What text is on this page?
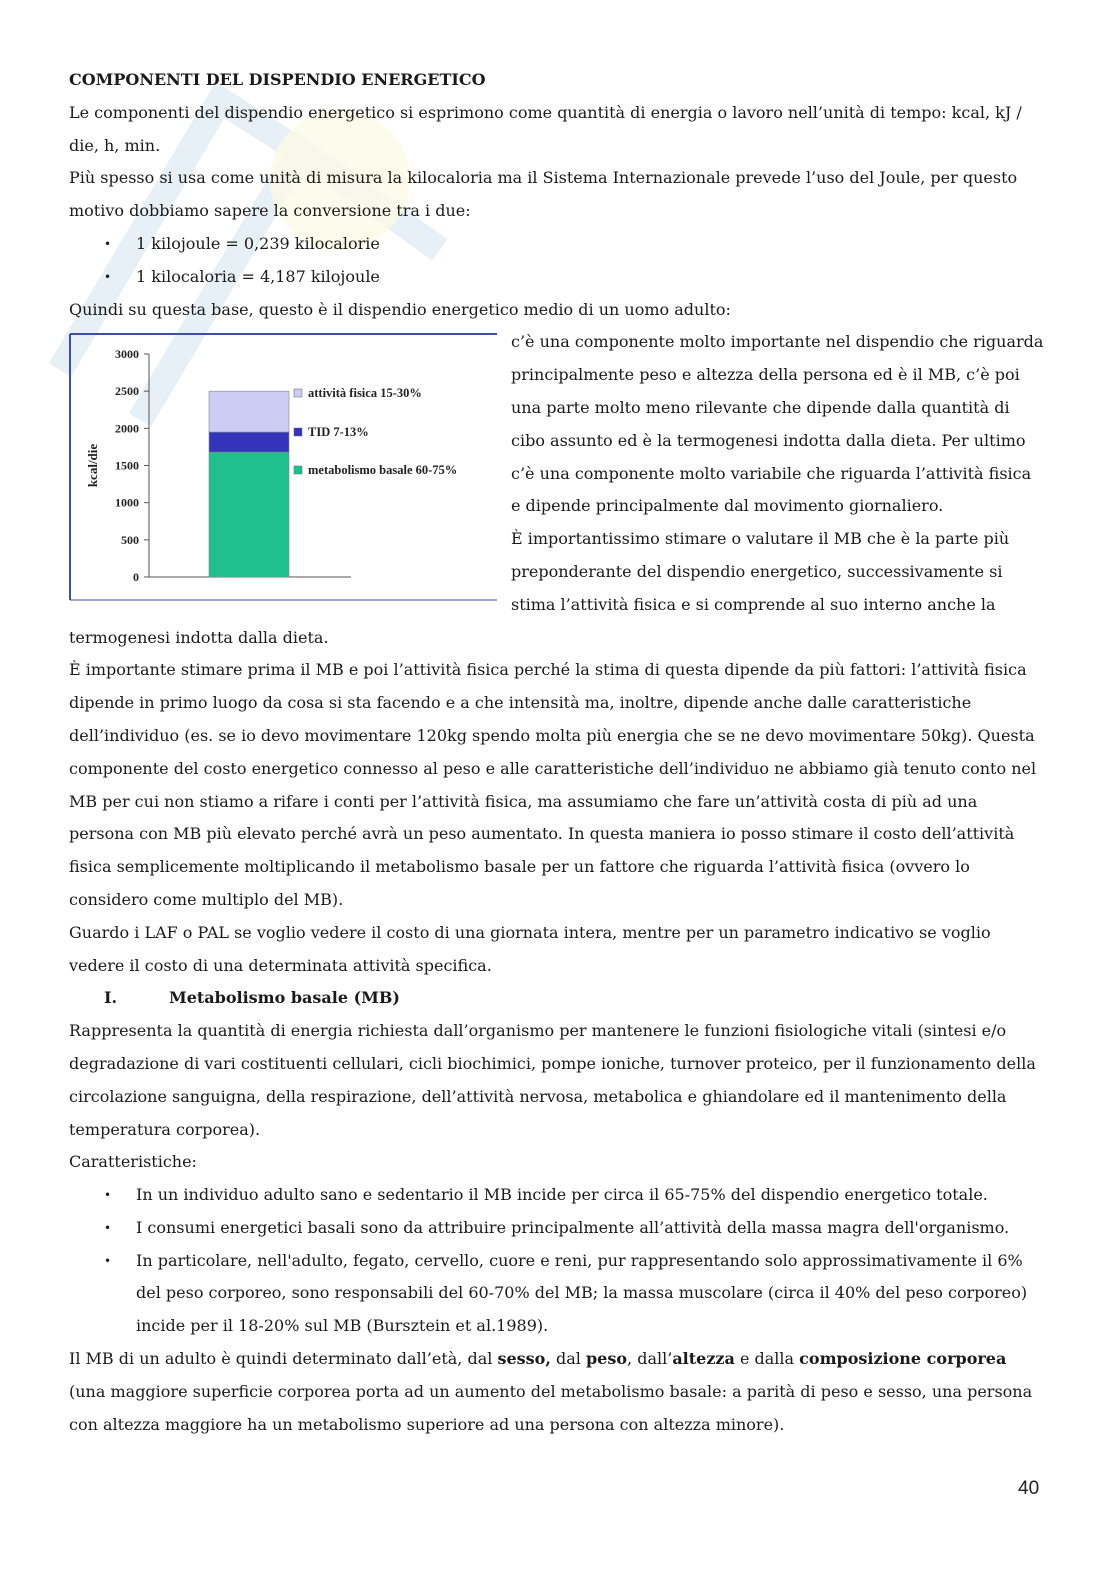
COMPONENTI DEL DISPENDIO ENERGETICO

Le componenti del dispendio energetico si esprimono come quantità di energia o lavoro nell’unità di tempo: kcal, kJ / die, h, min.

Più spesso si usa come unità di misura la kilocaloria ma il Sistema Internazionale prevede l’uso del Joule, per questo motivo dobbiamo sapere la conversione tra i due:

• 1 kilojoule = 0,239 kilocalorie
• 1 kilocaloria = 4,187 kilojoule

Quindi su questa base, questo è il dispendio energetico medio di un uomo adulto:

0
500
1000
1500
2000
2500
3000
kcal/die
attività fisica 15-30%
TID 7-13%
metabolismo basale 60-75%

c’è una componente molto importante nel dispendio che riguarda principalmente peso e altezza della persona ed è il MB, c’è poi una parte molto meno rilevante che dipende dalla quantità di cibo assunto ed è la termogenesi indotta dalla dieta. Per ultimo c’è una componente molto variabile che riguarda l’attività fisica e dipende principalmente dal movimento giornaliero.

È importantissimo stimare o valutare il MB che è la parte più preponderante del dispendio energetico, successivamente si stima l’attività fisica e si comprende al suo interno anche la termogenesi indotta dalla dieta.

È importante stimare prima il MB e poi l’attività fisica perché la stima di questa dipende da più fattori: l’attività fisica dipende in primo luogo da cosa si sta facendo e a che intensità ma, inoltre, dipende anche dalle caratteristiche dell’individuo (es. se io devo movimentare 120kg spendo molta più energia che se ne devo movimentare 50kg). Questa componente del costo energetico connesso al peso e alle caratteristiche dell’individuo ne abbiamo già tenuto conto nel MB per cui non stiamo a rifare i conti per l’attività fisica, ma assumiamo che fare un’attività costa di più ad una persona con MB più elevato perché avrà un peso aumentato. In questa maniera io posso stimare il costo dell’attività fisica semplicemente moltiplicando il metabolismo basale per un fattore che riguarda l’attività fisica (ovvero lo considero come multiplo del MB).

Guardo i LAF o PAL se voglio vedere il costo di una giornata intera, mentre per un parametro indicativo se voglio vedere il costo di una determinata attività specifica.

I.	Metabolismo basale (MB)

Rappresenta la quantità di energia richiesta dall’organismo per mantenere le funzioni fisiologiche vitali (sintesi e/o degradazione di vari costituenti cellulari, cicli biochimici, pompe ioniche, turnover proteico, per il funzionamento della circolazione sanguigna, della respirazione, dell’attività nervosa, metabolica e ghiandolare ed il mantenimento della temperatura corporea).

Caratteristiche:

• In un individuo adulto sano e sedentario il MB incide per circa il 65-75% del dispendio energetico totale.
• I consumi energetici basali sono da attribuire principalmente all’attività della massa magra dell'organismo.
• In particolare, nell'adulto, fegato, cervello, cuore e reni, pur rappresentando solo approssimativamente il 6% del peso corporeo, sono responsabili del 60-70% del MB; la massa muscolare (circa il 40% del peso corporeo) incide per il 18-20% sul MB (Bursztein et al.1989).

Il MB di un adulto è quindi determinato dall’età, dal sesso, dal peso, dall’altezza e dalla composizione corporea (una maggiore superficie corporea porta ad un aumento del metabolismo basale: a parità di peso e sesso, una persona con altezza maggiore ha un metabolismo superiore ad una persona con altezza minore).

40
